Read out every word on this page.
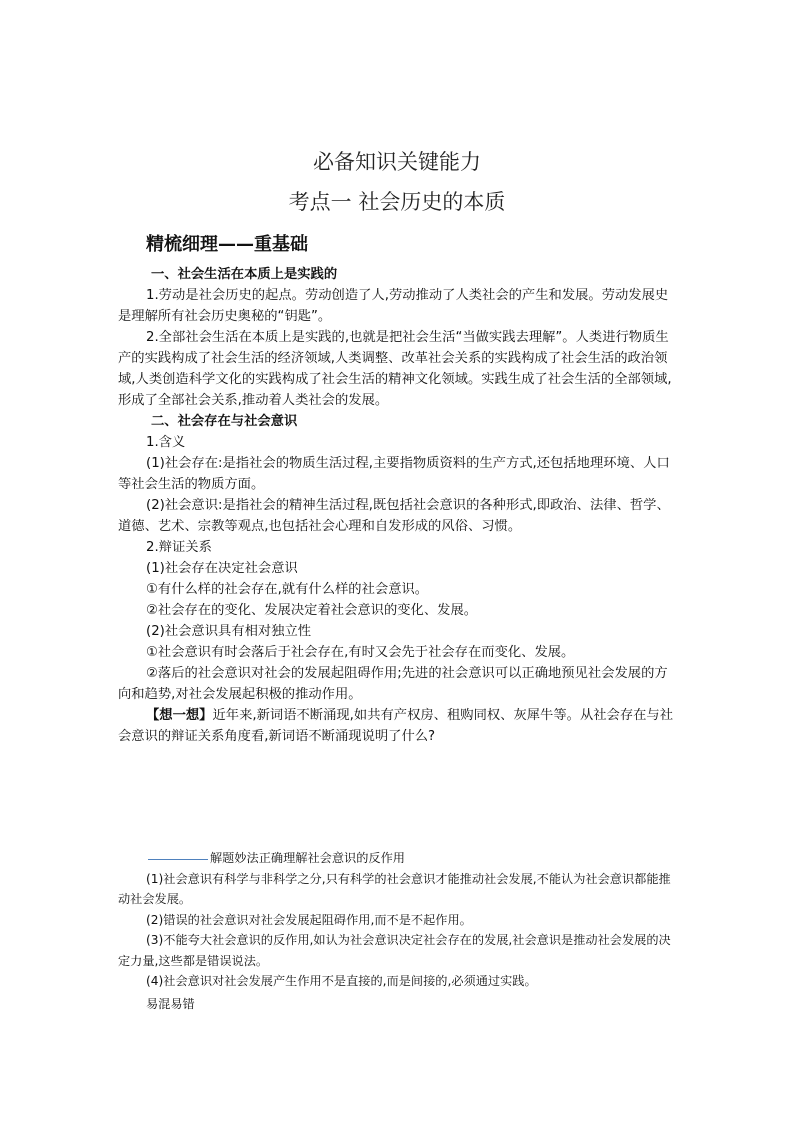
必备知识关键能力
考点一 社会历史的本质
精梳细理——重基础

一、社会生活在本质上是实践的

1.劳动是社会历史的起点。劳动创造了人,劳动推动了人类社会的产生和发展。劳动发展史是理解所有社会历史奥秘的“钥匙”。

2.全部社会生活在本质上是实践的,也就是把社会生活“当做实践去理解”。人类进行物质生产的实践构成了社会生活的经济领域,人类调整、改革社会关系的实践构成了社会生活的政治领域,人类创造科学文化的实践构成了社会生活的精神文化领域。实践生成了社会生活的全部领域,形成了全部社会关系,推动着人类社会的发展。

二、社会存在与社会意识

1.含义

(1)社会存在:是指社会的物质生活过程,主要指物质资料的生产方式,还包括地理环境、人口等社会生活的物质方面。

(2)社会意识:是指社会的精神生活过程,既包括社会意识的各种形式,即政治、法律、哲学、道德、艺术、宗教等观点,也包括社会心理和自发形成的风俗、习惯。

2.辩证关系

(1)社会存在决定社会意识

①有什么样的社会存在,就有什么样的社会意识。

②社会存在的变化、发展决定着社会意识的变化、发展。

(2)社会意识具有相对独立性

①社会意识有时会落后于社会存在,有时又会先于社会存在而变化、发展。

②落后的社会意识对社会的发展起阻碍作用;先进的社会意识可以正确地预见社会发展的方向和趋势,对社会发展起积极的推动作用。

【想一想】近年来,新词语不断涌现,如共有产权房、租购同权、灰犀牛等。从社会存在与社会意识的辩证关系角度看,新词语不断涌现说明了什么?

解题妙法正确理解社会意识的反作用

(1)社会意识有科学与非科学之分,只有科学的社会意识才能推动社会发展,不能认为社会意识都能推动社会发展。

(2)错误的社会意识对社会发展起阻碍作用,而不是不起作用。

(3)不能夸大社会意识的反作用,如认为社会意识决定社会存在的发展,社会意识是推动社会发展的决定力量,这些都是错误说法。

(4)社会意识对社会发展产生作用不是直接的,而是间接的,必须通过实践。

易混易错
